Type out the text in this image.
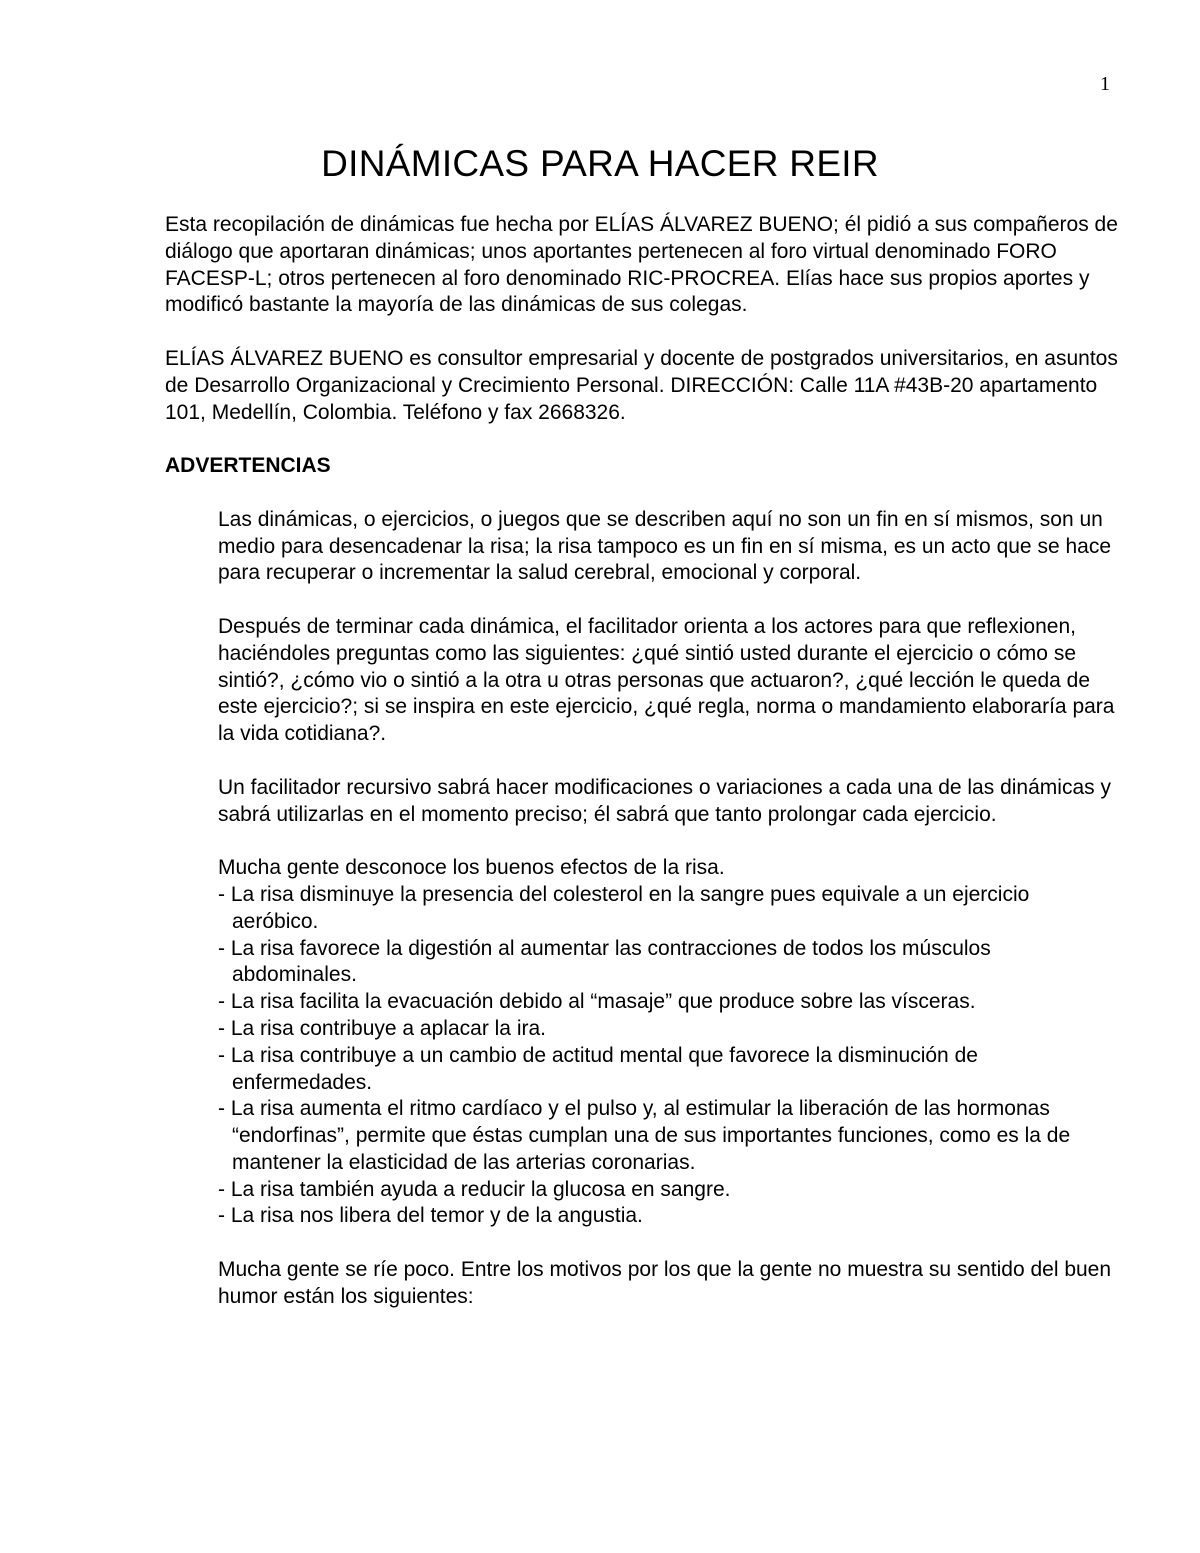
1
DINÁMICAS PARA HACER REIR

Esta recopilación de dinámicas fue hecha por ELÍAS ÁLVAREZ BUENO; él pidió a sus compañeros de diálogo que aportaran dinámicas; unos aportantes pertenecen al foro virtual denominado FORO FACESP-L; otros pertenecen al foro denominado RIC-PROCREA. Elías hace sus propios aportes y modificó bastante la mayoría de las dinámicas de sus colegas.

ELÍAS ÁLVAREZ BUENO es consultor empresarial y docente de postgrados universitarios, en asuntos de Desarrollo Organizacional y Crecimiento Personal. DIRECCIÓN: Calle 11A #43B-20 apartamento 101, Medellín, Colombia. Teléfono y fax 2668326.

ADVERTENCIAS

Las dinámicas, o ejercicios, o juegos que se describen aquí no son un fin en sí mismos, son un medio para desencadenar la risa; la risa tampoco es un fin en sí misma, es un acto que se hace para recuperar o incrementar la salud cerebral, emocional y corporal.

Después de terminar cada dinámica, el facilitador orienta a los actores para que reflexionen, haciéndoles preguntas como las siguientes: ¿qué sintió usted durante el ejercicio o cómo se sintió?, ¿cómo vio o sintió a la otra u otras personas que actuaron?, ¿qué lección le queda de este ejercicio?; si se inspira en este ejercicio, ¿qué regla, norma o mandamiento elaboraría para la vida cotidiana?.

Un facilitador recursivo sabrá hacer modificaciones o variaciones a cada una de las dinámicas y sabrá utilizarlas en el momento preciso; él sabrá que tanto prolongar cada ejercicio.

Mucha gente desconoce los buenos efectos de la risa.
- La risa disminuye la presencia del colesterol en la sangre pues equivale a un ejercicio aeróbico.
- La risa favorece la digestión al aumentar las contracciones de todos los músculos abdominales.
- La risa facilita la evacuación debido al “masaje” que produce sobre las vísceras.
- La risa contribuye a aplacar la ira.
- La risa contribuye a un cambio de actitud mental que favorece la disminución de enfermedades.
- La risa aumenta el ritmo cardíaco y el pulso y, al estimular la liberación de las hormonas “endorfinas”, permite que éstas cumplan una de sus importantes funciones, como es la de mantener la elasticidad de las arterias coronarias.
- La risa también ayuda a reducir la glucosa en sangre.
- La risa nos libera del temor y de la angustia.

Mucha gente se ríe poco. Entre los motivos por los que la gente no muestra su sentido del buen humor están los siguientes:
